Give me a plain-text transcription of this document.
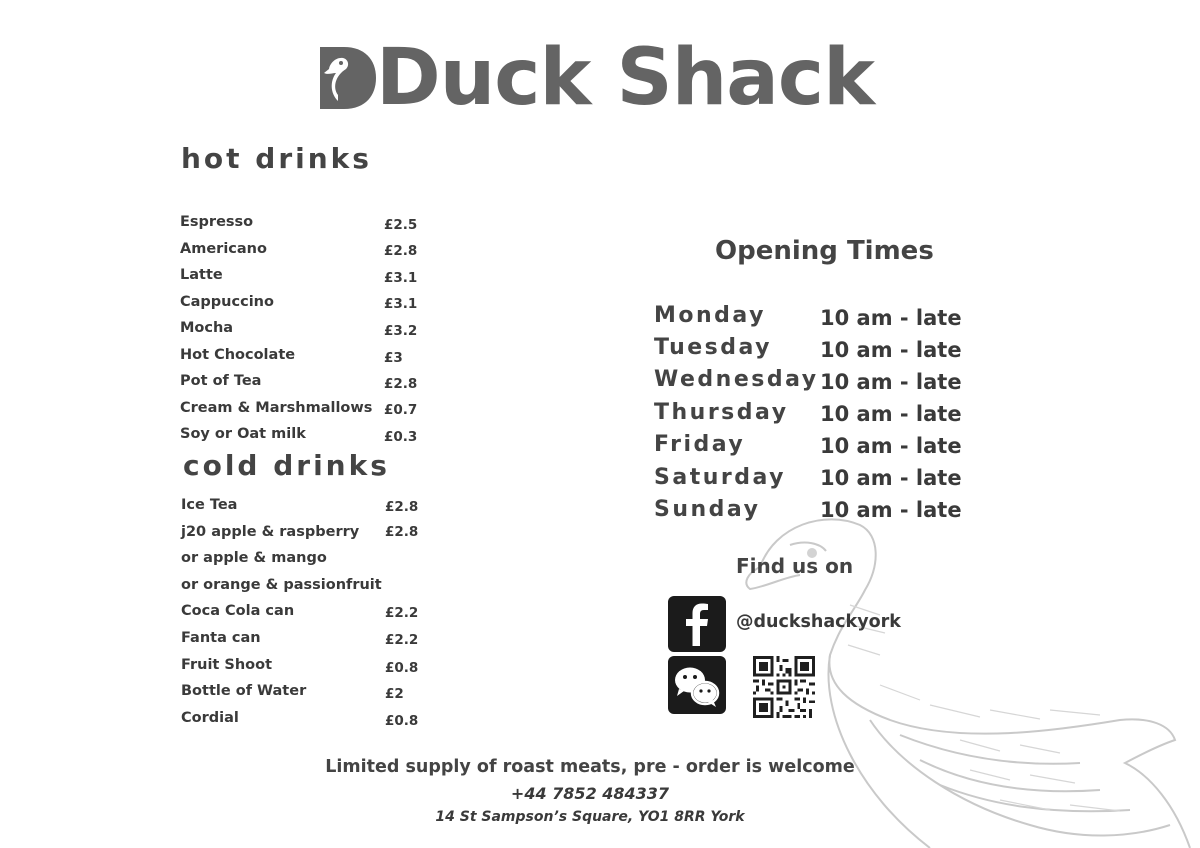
Duck Shack
hot drinks
Espresso	£2.5
Americano	£2.8
Latte	£3.1
Cappuccino	£3.1
Mocha	£3.2
Hot Chocolate	£3
Pot of Tea	£2.8
Cream & Marshmallows £0.7
Soy or Oat milk	£0.3
cold drinks
Ice Tea	£2.8
j20 apple & raspberry £2.8
or apple & mango
or orange & passionfruit
Coca Cola can	£2.2
Fanta can	£2.2
Fruit Shoot	£0.8
Bottle of Water	£2
Cordial	£0.8
Opening Times
Monday	10 am - late
Tuesday 10 am - late
Wednesday 10 am - late
Thursday 10 am - late
Friday	10 am - late
Saturday 10 am - late
Sunday	10 am - late
Find us on
@duckshackyork
Limited supply of roast meats, pre - order is welcome
+44 7852 484337
14 St Sampson’s Square, YO1 8RR York
